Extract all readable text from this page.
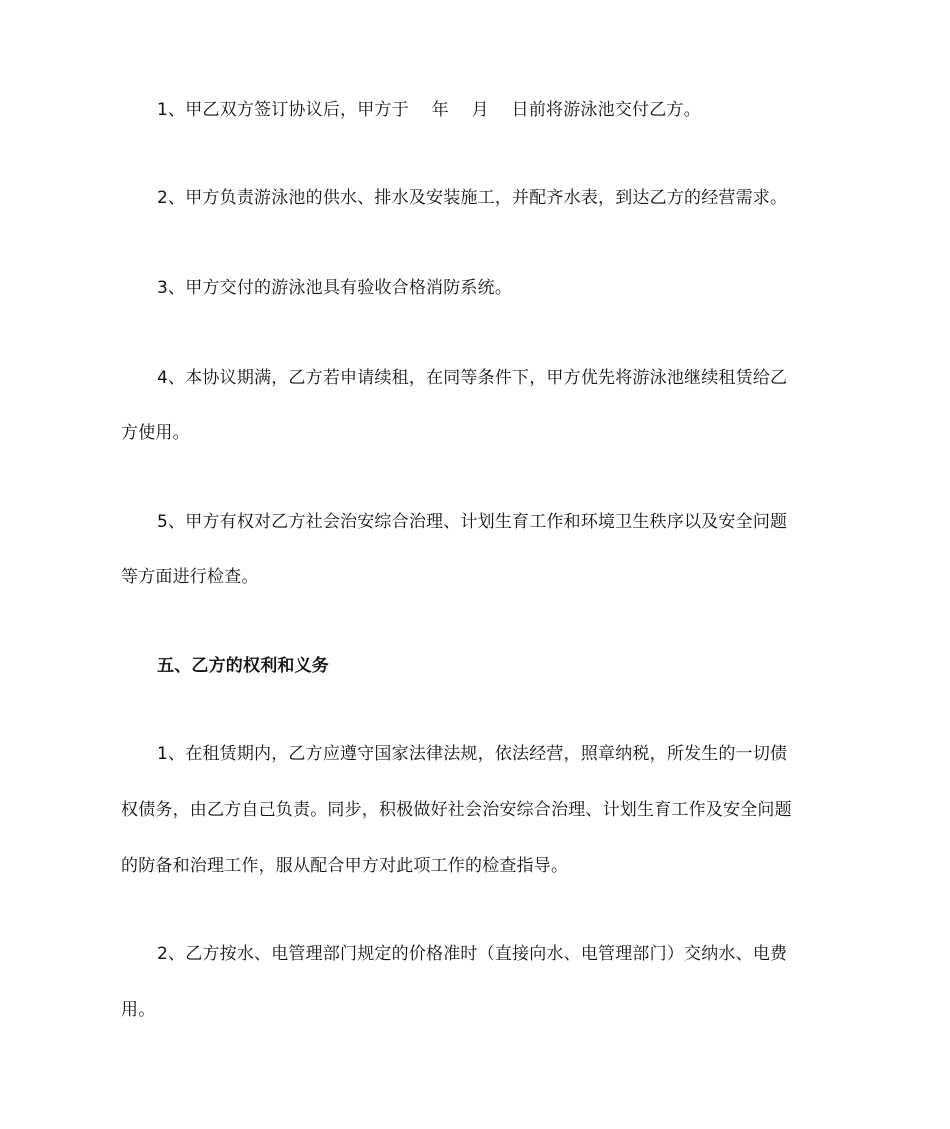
1、甲乙双方签订协议后，甲方于  年  月  日前将游泳池交付乙方。
2、甲方负责游泳池的供水、排水及安装施工，并配齐水表，到达乙方的经营需求。
3、甲方交付的游泳池具有验收合格消防系统。
4、本协议期满，乙方若申请续租，在同等条件下，甲方优先将游泳池继续租赁给乙
方使用。
5、甲方有权对乙方社会治安综合治理、计划生育工作和环境卫生秩序以及安全问题
等方面进行检查。
五、乙方的权利和义务
1、在租赁期内，乙方应遵守国家法律法规，依法经营，照章纳税，所发生的一切债
权债务，由乙方自己负责。同步，积极做好社会治安综合治理、计划生育工作及安全问题
的防备和治理工作，服从配合甲方对此项工作的检查指导。
2、乙方按水、电管理部门规定的价格准时（直接向水、电管理部门）交纳水、电费
用。
